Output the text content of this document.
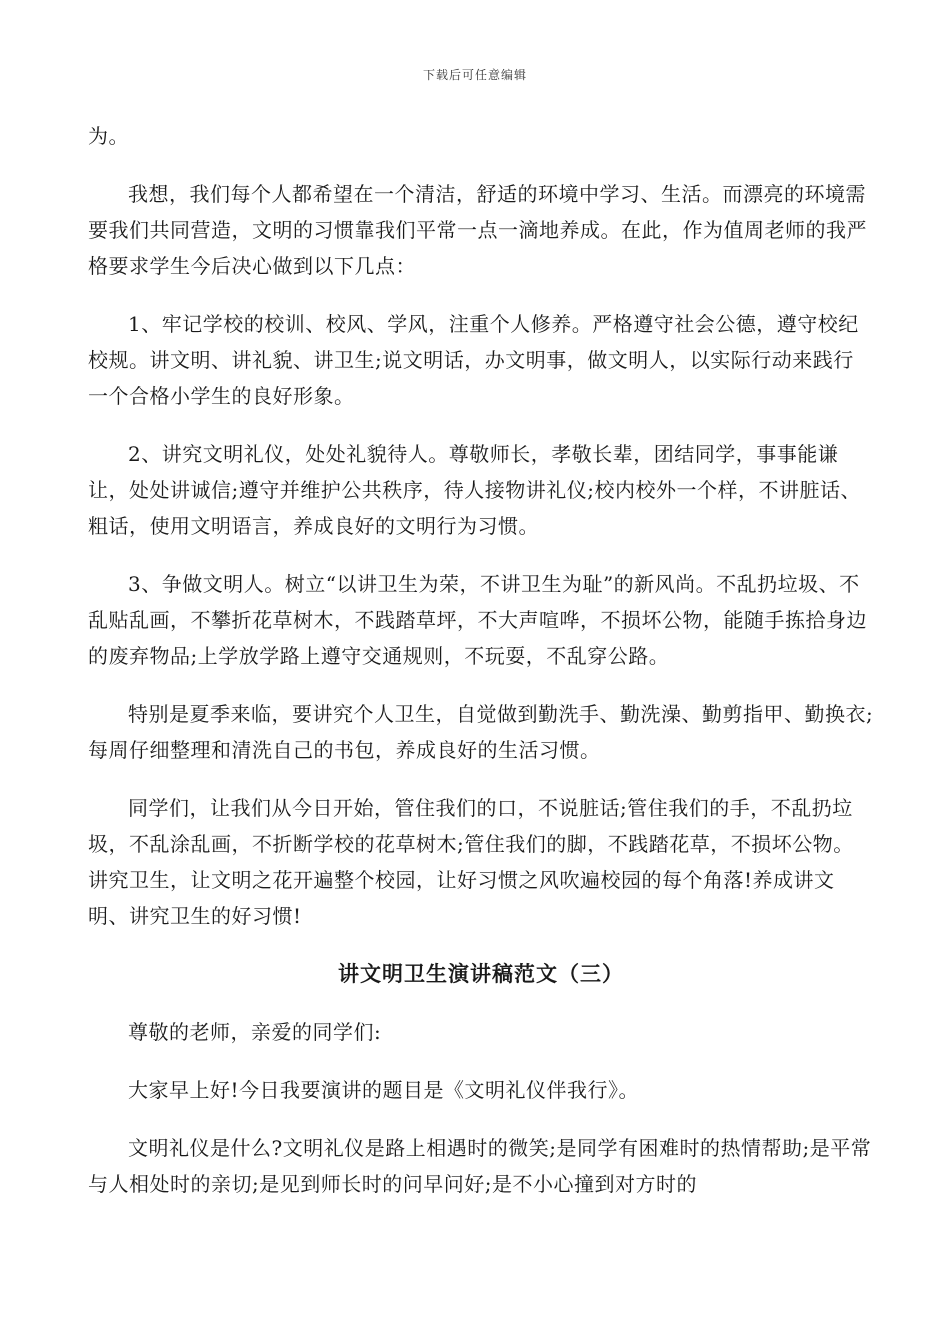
下载后可任意编辑

为。

我想，我们每个人都希望在一个清洁，舒适的环境中学习、生活。而漂亮的环境需要我们共同营造，文明的习惯靠我们平常一点一滴地养成。在此，作为值周老师的我严格要求学生今后决心做到以下几点：

1、牢记学校的校训、校风、学风，注重个人修养。严格遵守社会公德，遵守校纪校规。讲文明、讲礼貌、讲卫生;说文明话，办文明事，做文明人，以实际行动来践行一个合格小学生的良好形象。

2、讲究文明礼仪，处处礼貌待人。尊敬师长，孝敬长辈，团结同学，事事能谦让，处处讲诚信;遵守并维护公共秩序，待人接物讲礼仪;校内校外一个样，不讲脏话、粗话，使用文明语言，养成良好的文明行为习惯。

3、争做文明人。树立“以讲卫生为荣，不讲卫生为耻”的新风尚。不乱扔垃圾、不乱贴乱画，不攀折花草树木，不践踏草坪，不大声喧哗，不损坏公物，能随手拣拾身边的废弃物品;上学放学路上遵守交通规则，不玩耍，不乱穿公路。

特别是夏季来临，要讲究个人卫生，自觉做到勤洗手、勤洗澡、勤剪指甲、勤换衣;每周仔细整理和清洗自己的书包，养成良好的生活习惯。

同学们，让我们从今日开始，管住我们的口，不说脏话;管住我们的手，不乱扔垃圾，不乱涂乱画，不折断学校的花草树木;管住我们的脚，不践踏花草，不损坏公物。讲究卫生，让文明之花开遍整个校园，让好习惯之风吹遍校园的每个角落!养成讲文明、讲究卫生的好习惯!

讲文明卫生演讲稿范文（三）

尊敬的老师，亲爱的同学们:

大家早上好!今日我要演讲的题目是《文明礼仪伴我行》。

文明礼仪是什么?文明礼仪是路上相遇时的微笑;是同学有困难时的热情帮助;是平常与人相处时的亲切;是见到师长时的问早问好;是不小心撞到对方时的
